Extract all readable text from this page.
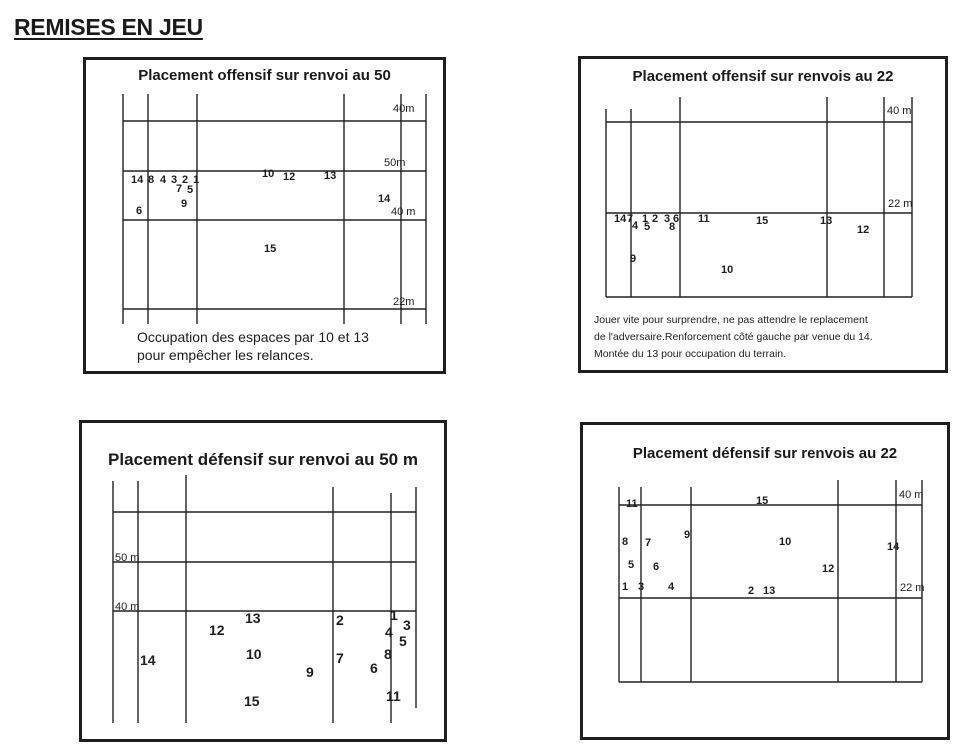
REMISES EN JEU
Placement offensif sur renvoi au 50
40m
50m
40 m
22m
14 8 4 3 2 1
7 5
9
6
10 12	13
14
15
Occupation des espaces par 10 et 13
pour empêcher les relances.
Placement offensif sur renvois au 22
40 m
22 m
14 7 1 2 3 6
4 5 8
11	15	13
12
9
10
Jouer vite pour surprendre, ne pas attendre le replacement
de l'adversaire.Renforcement côté gauche par venue du 14.
Montée du 13 pour occupation du terrain.
Placement défensif sur renvoi au 50 m
50 m
40 m
13	2	1
3
12	4
5
14	10	7
9	6
8
15	11
Placement défensif sur renvois au 22
40 m
22 m
11	15
9
8 7	10	14
5 6	12
1 3 4	2 13
